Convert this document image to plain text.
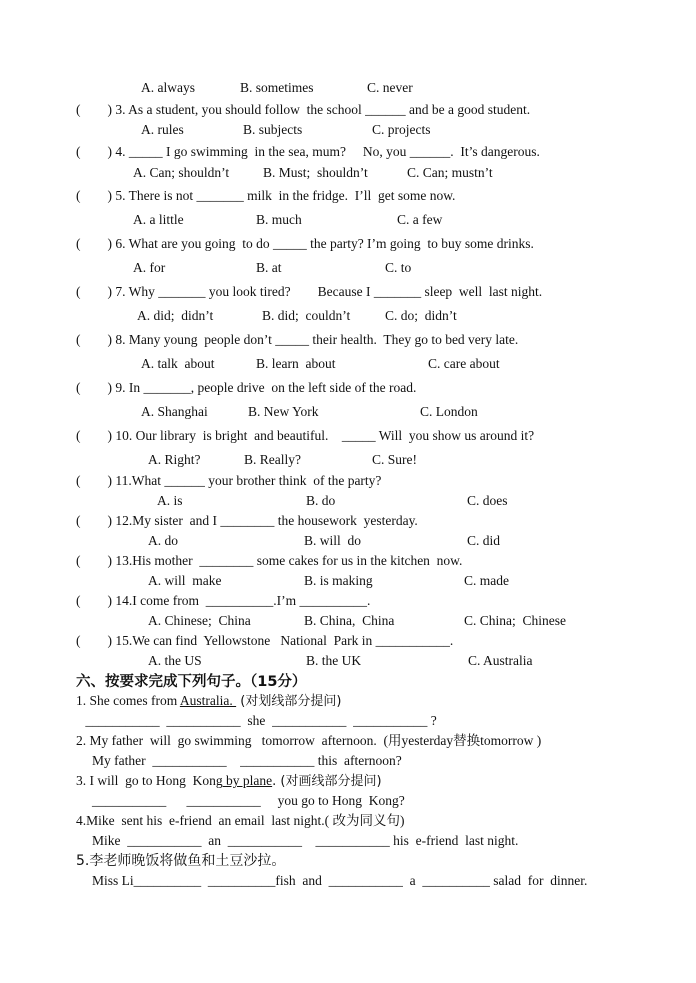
A. always	B. sometimes	C. never
(        ) 3. As a student, you should follow  the school ______ and be a good student.
A. rules	B. subjects	C. projects
(        ) 4. _____ I go swimming  in the sea, mum?     No, you ______.  It’s dangerous.
A. Can; shouldn’t	B. Must;  shouldn’t	C. Can; mustn’t
(        ) 5. There is not _______ milk  in the fridge.  I’ll  get some now.
A. a little	B. much	C. a few
(        ) 6. What are you going  to do _____ the party? I’m going  to buy some drinks.
A. for	B. at	C. to
(        ) 7. Why _______ you look tired?        Because I _______ sleep  well  last night.
A. did;  didn’t	B. did;  couldn’t	C. do;  didn’t
(        ) 8. Many young  people don’t _____ their health.  They go to bed very late.
A. talk  about	B. learn  about	C. care about
(        ) 9. In _______, people drive  on the left side of the road.
A. Shanghai	B. New York	C. London
(        ) 10. Our library  is bright  and beautiful.    _____ Will  you show us around it?
A. Right?	B. Really?	C. Sure!
(        ) 11.What ______ your brother think  of the party?
A. is	B. do	C. does
(        ) 12.My sister  and I ________ the housework  yesterday.
A. do	B. will  do	C. did
(        ) 13.His mother  ________ some cakes for us in the kitchen  now.
A. will  make	B. is making	C. made
(        ) 14.I come from  __________.I’m __________.
A. Chinese;  China	B. China,  China	C. China;  Chinese
(        ) 15.We can find  Yellowstone   National  Park in ___________.
A. the US	B. the UK	C. Australia
六、按要求完成下列句子。（15分）
1. She comes from Australia.  (对划线部分提问)
___________  ___________  she  ___________  ___________ ?
2. My father  will  go swimming   tomorrow  afternoon.  (用yesterday替换tomorrow )
My father  ___________    ___________ this  afternoon?
3. I will  go to Hong  Kong by plane. (对画线部分提问)
___________      ___________     you go to Hong  Kong?
4.Mike  sent his  e-friend  an email  last night.( 改为同义句)
Mike  ___________  an  ___________    ___________ his  e-friend  last night.
5.李老师晚饭将做鱼和土豆沙拉。
Miss Li__________  __________fish  and  ___________  a  __________ salad  for  dinner.
